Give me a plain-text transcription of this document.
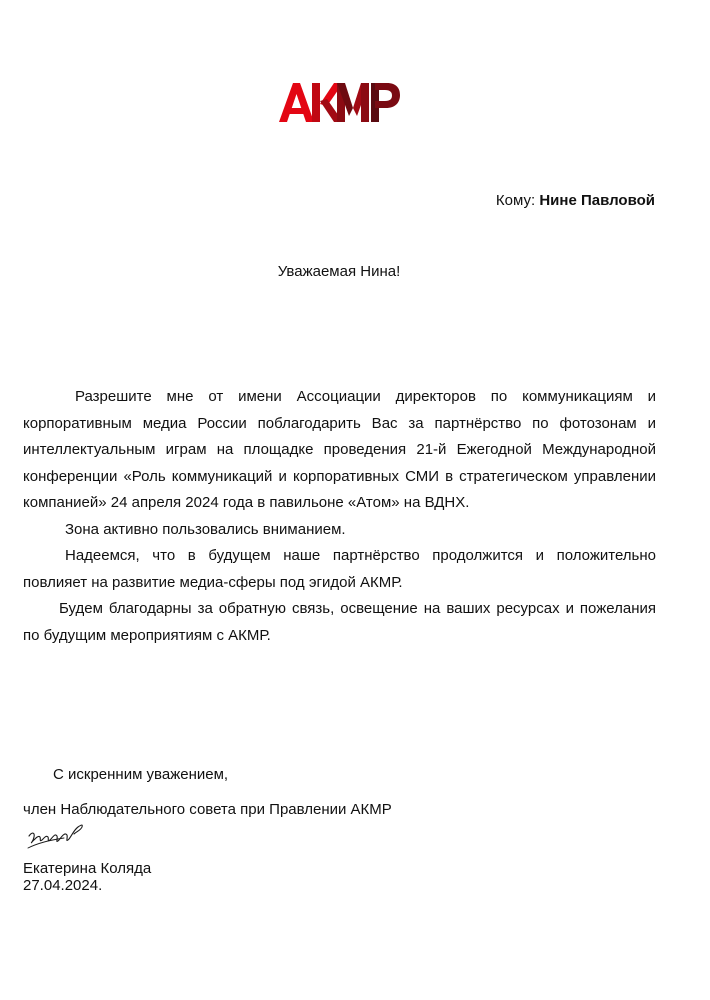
Кому: Нине Павловой
Уважаемая Нина!

Разрешите мне от имени Ассоциации директоров по коммуникациям и корпоративным медиа России поблагодарить Вас за партнёрство по фотозонам и интеллектуальным играм на площадке проведения 21-й Ежегодной Международной конференции «Роль коммуникаций и корпоративных СМИ в стратегическом управлении компанией» 24 апреля 2024 года в павильоне «Атом» на ВДНХ.

Зона активно пользовались вниманием.

Надеемся, что в будущем наше партнёрство продолжится и положительно повлияет на развитие медиа-сферы под эгидой АКМР.

Будем благодарны за обратную связь, освещение на ваших ресурсах и пожелания по будущим мероприятиям с АКМР.

С искренним уважением,
член Наблюдательного совета при Правлении АКМР
Екатерина Коляда
27.04.2024.
